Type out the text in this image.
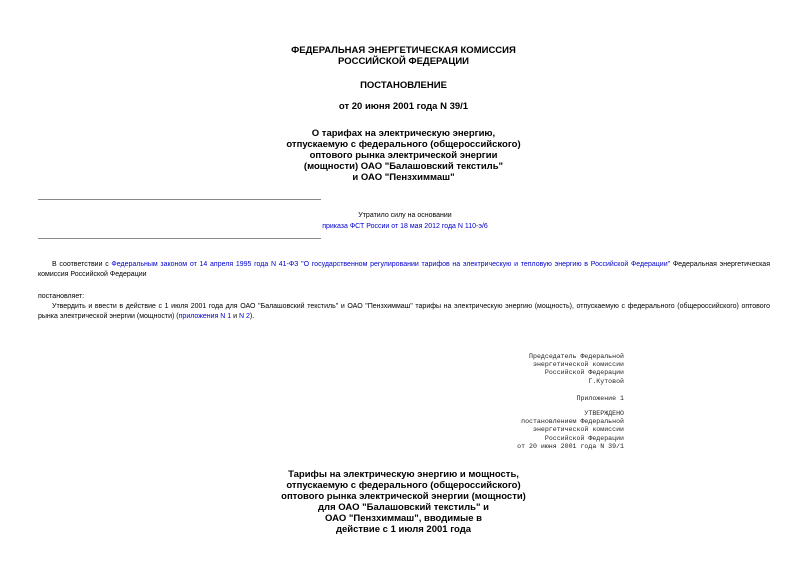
ФЕДЕРАЛЬНАЯ ЭНЕРГЕТИЧЕСКАЯ КОМИССИЯ
РОССИЙСКОЙ ФЕДЕРАЦИИ
ПОСТАНОВЛЕНИЕ
от 20 июня 2001 года N 39/1
О тарифах на электрическую энергию,
отпускаемую с федерального (общероссийского)
оптового рынка электрической энергии
(мощности) ОАО "Балашовский текстиль"
и ОАО "Пензхиммаш"
Утратило силу на основании
приказа ФСТ России от 18 мая 2012 года N 110-э/6
В соответствии с Федеральным законом от 14 апреля 1995 года N 41-ФЗ "О государственном регулировании тарифов на электрическую и тепловую энергию в Российской Федерации" Федеральная энергетическая комиссия Российской Федерации
постановляет:
Утвердить и ввести в действие с 1 июля 2001 года для ОАО "Балашовский текстиль" и ОАО "Пензхиммаш" тарифы на электрическую энергию (мощность), отпускаемую с федерального (общероссийского) оптового рынка электрической энергии (мощности) (приложения N 1 и N 2).
Председатель Федеральной
энергетической комиссии
Российской Федерации
Г.Кутовой
Приложение 1
УТВЕРЖДЕНО
постановлением Федеральной
энергетической комиссии
Российской Федерации
от 20 июня 2001 года N 39/1
Тарифы на электрическую энергию и мощность,
отпускаемую с федерального (общероссийского)
оптового рынка электрической энергии (мощности)
для ОАО "Балашовский текстиль" и
ОАО "Пензхиммаш", вводимые в
действие с 1 июля 2001 года
